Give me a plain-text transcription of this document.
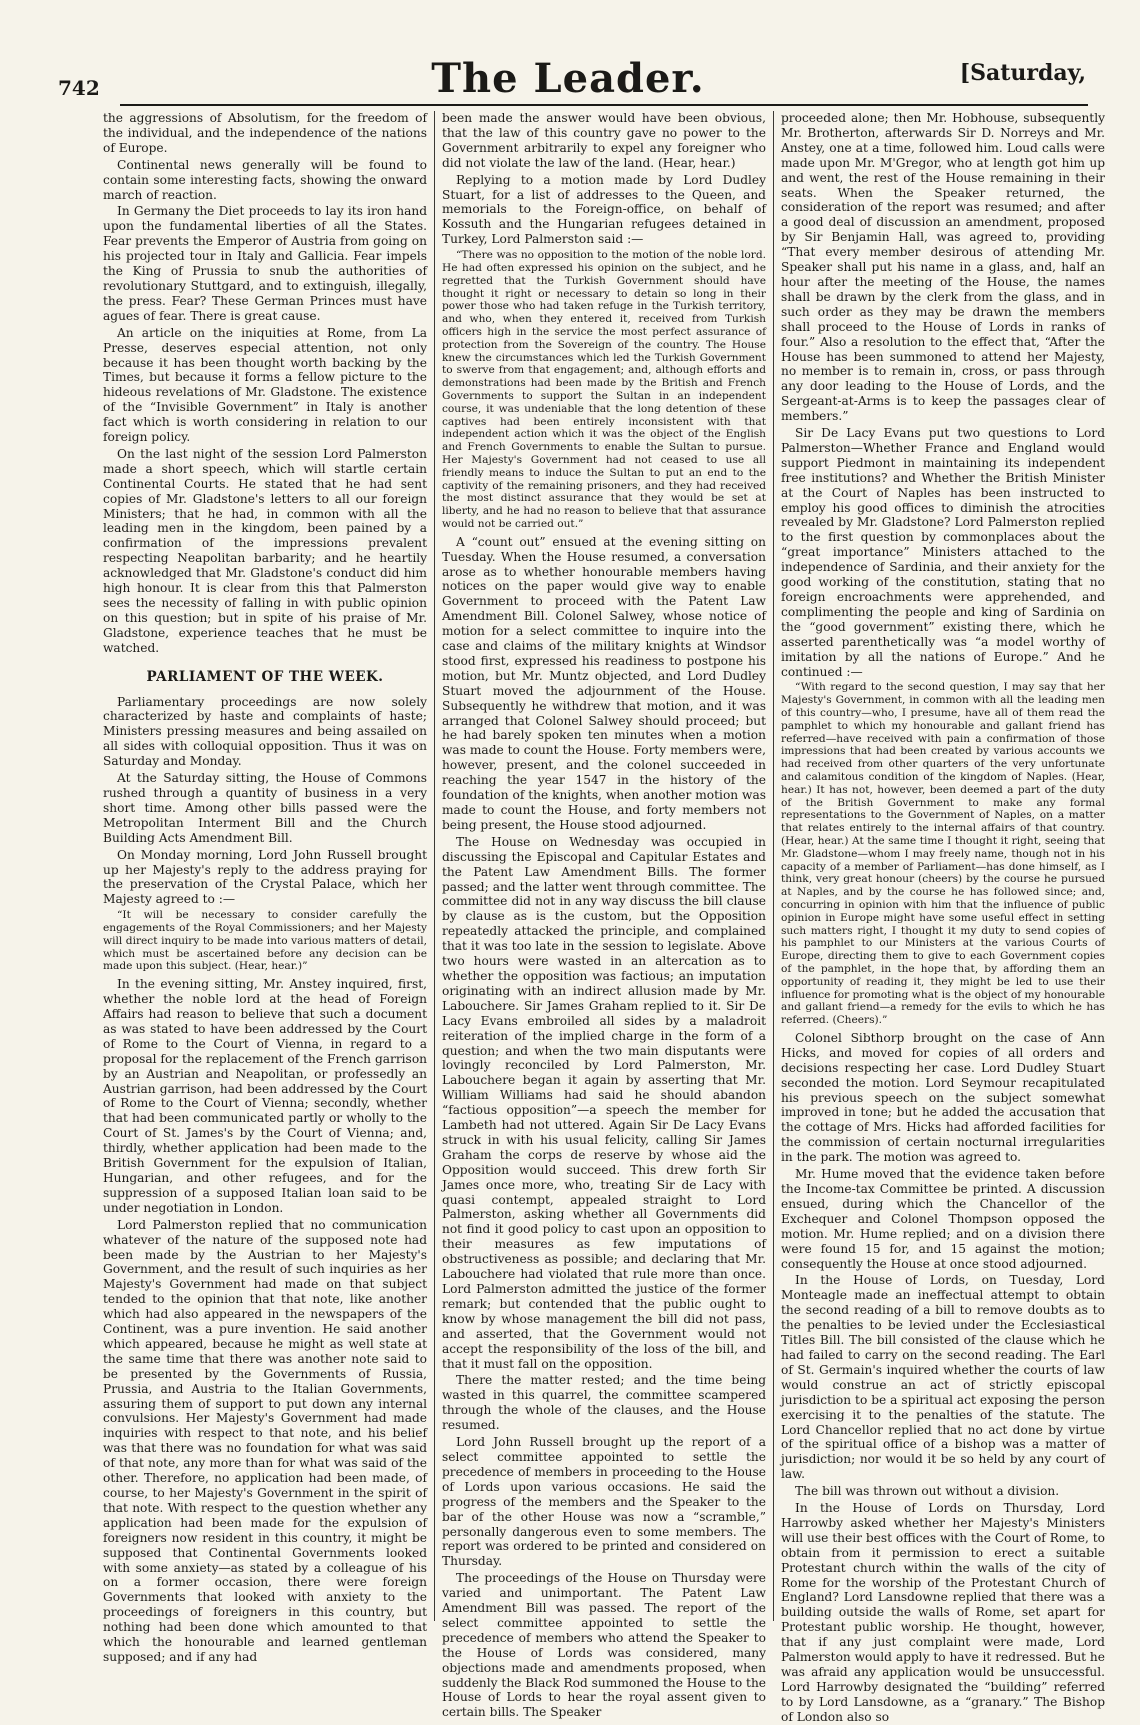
742	The Leader.	[Saturday,

the aggressions of Absolutism, for the freedom of the individual, and the independence of the nations of Europe.

Continental news generally will be found to contain some interesting facts, showing the onward march of reaction.

In Germany the Diet proceeds to lay its iron hand upon the fundamental liberties of all the States. Fear prevents the Emperor of Austria from going on his projected tour in Italy and Gallicia. Fear impels the King of Prussia to snub the authorities of revolutionary Stuttgard, and to extinguish, illegally, the press. Fear? These German Princes must have agues of fear. There is great cause.

An article on the iniquities at Rome, from La Presse, deserves especial attention, not only because it has been thought worth backing by the Times, but because it forms a fellow picture to the hideous revelations of Mr. Gladstone. The existence of the “Invisible Government” in Italy is another fact which is worth considering in relation to our foreign policy.

On the last night of the session Lord Palmerston made a short speech, which will startle certain Continental Courts. He stated that he had sent copies of Mr. Gladstone's letters to all our foreign Ministers; that he had, in common with all the leading men in the kingdom, been pained by a confirmation of the impressions prevalent respecting Neapolitan barbarity; and he heartily acknowledged that Mr. Gladstone's conduct did him high honour. It is clear from this that Palmerston sees the necessity of falling in with public opinion on this question; but in spite of his praise of Mr. Gladstone, experience teaches that he must be watched.

PARLIAMENT OF THE WEEK.

Parliamentary proceedings are now solely characterized by haste and complaints of haste; Ministers pressing measures and being assailed on all sides with colloquial opposition. Thus it was on Saturday and Monday.

At the Saturday sitting, the House of Commons rushed through a quantity of business in a very short time. Among other bills passed were the Metropolitan Interment Bill and the Church Building Acts Amendment Bill.

On Monday morning, Lord John Russell brought up her Majesty's reply to the address praying for the preservation of the Crystal Palace, which her Majesty agreed to :—

“It will be necessary to consider carefully the engagements of the Royal Commissioners; and her Majesty will direct inquiry to be made into various matters of detail, which must be ascertained before any decision can be made upon this subject. (Hear, hear.)”

In the evening sitting, Mr. Anstey inquired, first, whether the noble lord at the head of Foreign Affairs had reason to believe that such a document as was stated to have been addressed by the Court of Rome to the Court of Vienna, in regard to a proposal for the replacement of the French garrison by an Austrian and Neapolitan, or professedly an Austrian garrison, had been addressed by the Court of Rome to the Court of Vienna; secondly, whether that had been communicated partly or wholly to the Court of St. James's by the Court of Vienna; and, thirdly, whether application had been made to the British Government for the expulsion of Italian, Hungarian, and other refugees, and for the suppression of a supposed Italian loan said to be under negotiation in London.

Lord Palmerston replied that no communication whatever of the nature of the supposed note had been made by the Austrian to her Majesty's Government, and the result of such inquiries as her Majesty's Government had made on that subject tended to the opinion that that note, like another which had also appeared in the newspapers of the Continent, was a pure invention. He said another which appeared, because he might as well state at the same time that there was another note said to be presented by the Governments of Russia, Prussia, and Austria to the Italian Governments, assuring them of support to put down any internal convulsions. Her Majesty's Government had made inquiries with respect to that note, and his belief was that there was no foundation for what was said of that note, any more than for what was said of the other. Therefore, no application had been made, of course, to her Majesty's Government in the spirit of that note. With respect to the question whether any application had been made for the expulsion of foreigners now resident in this country, it might be supposed that Continental Governments looked with some anxiety—as stated by a colleague of his on a former occasion, there were foreign Governments that looked with anxiety to the proceedings of foreigners in this country, but nothing had been done which amounted to that which the honourable and learned gentleman supposed; and if any had

been made the answer would have been obvious, that the law of this country gave no power to the Government arbitrarily to expel any foreigner who did not violate the law of the land. (Hear, hear.)

Replying to a motion made by Lord Dudley Stuart, for a list of addresses to the Queen, and memorials to the Foreign-office, on behalf of Kossuth and the Hungarian refugees detained in Turkey, Lord Palmerston said :—

“There was no opposition to the motion of the noble lord. He had often expressed his opinion on the subject, and he regretted that the Turkish Government should have thought it right or necessary to detain so long in their power those who had taken refuge in the Turkish territory, and who, when they entered it, received from Turkish officers high in the service the most perfect assurance of protection from the Sovereign of the country. The House knew the circumstances which led the Turkish Government to swerve from that engagement; and, although efforts and demonstrations had been made by the British and French Governments to support the Sultan in an independent course, it was undeniable that the long detention of these captives had been entirely inconsistent with that independent action which it was the object of the English and French Governments to enable the Sultan to pursue. Her Majesty's Government had not ceased to use all friendly means to induce the Sultan to put an end to the captivity of the remaining prisoners, and they had received the most distinct assurance that they would be set at liberty, and he had no reason to believe that that assurance would not be carried out.”

A “count out” ensued at the evening sitting on Tuesday. When the House resumed, a conversation arose as to whether honourable members having notices on the paper would give way to enable Government to proceed with the Patent Law Amendment Bill. Colonel Salwey, whose notice of motion for a select committee to inquire into the case and claims of the military knights at Windsor stood first, expressed his readiness to postpone his motion, but Mr. Muntz objected, and Lord Dudley Stuart moved the adjournment of the House. Subsequently he withdrew that motion, and it was arranged that Colonel Salwey should proceed; but he had barely spoken ten minutes when a motion was made to count the House. Forty members were, however, present, and the colonel succeeded in reaching the year 1547 in the history of the foundation of the knights, when another motion was made to count the House, and forty members not being present, the House stood adjourned.

The House on Wednesday was occupied in discussing the Episcopal and Capitular Estates and the Patent Law Amendment Bills. The former passed; and the latter went through committee. The committee did not in any way discuss the bill clause by clause as is the custom, but the Opposition repeatedly attacked the principle, and complained that it was too late in the session to legislate. Above two hours were wasted in an altercation as to whether the opposition was factious; an imputation originating with an indirect allusion made by Mr. Labouchere. Sir James Graham replied to it. Sir De Lacy Evans embroiled all sides by a maladroit reiteration of the implied charge in the form of a question; and when the two main disputants were lovingly reconciled by Lord Palmerston, Mr. Labouchere began it again by asserting that Mr. William Williams had said he should abandon “factious opposition”—a speech the member for Lambeth had not uttered. Again Sir De Lacy Evans struck in with his usual felicity, calling Sir James Graham the corps de reserve by whose aid the Opposition would succeed. This drew forth Sir James once more, who, treating Sir de Lacy with quasi contempt, appealed straight to Lord Palmerston, asking whether all Governments did not find it good policy to cast upon an opposition to their measures as few imputations of obstructiveness as possible; and declaring that Mr. Labouchere had violated that rule more than once. Lord Palmerston admitted the justice of the former remark; but contended that the public ought to know by whose management the bill did not pass, and asserted, that the Government would not accept the responsibility of the loss of the bill, and that it must fall on the opposition.

There the matter rested; and the time being wasted in this quarrel, the committee scampered through the whole of the clauses, and the House resumed.

Lord John Russell brought up the report of a select committee appointed to settle the precedence of members in proceeding to the House of Lords upon various occasions. He said the progress of the members and the Speaker to the bar of the other House was now a “scramble,” personally dangerous even to some members. The report was ordered to be printed and considered on Thursday.

The proceedings of the House on Thursday were varied and unimportant. The Patent Law Amendment Bill was passed. The report of the select committee appointed to settle the precedence of members who attend the Speaker to the House of Lords was considered, many objections made and amendments proposed, when suddenly the Black Rod summoned the House to the House of Lords to hear the royal assent given to certain bills. The Speaker

proceeded alone; then Mr. Hobhouse, subsequently Mr. Brotherton, afterwards Sir D. Norreys and Mr. Anstey, one at a time, followed him. Loud calls were made upon Mr. M'Gregor, who at length got him up and went, the rest of the House remaining in their seats. When the Speaker returned, the consideration of the report was resumed; and after a good deal of discussion an amendment, proposed by Sir Benjamin Hall, was agreed to, providing “That every member desirous of attending Mr. Speaker shall put his name in a glass, and, half an hour after the meeting of the House, the names shall be drawn by the clerk from the glass, and in such order as they may be drawn the members shall proceed to the House of Lords in ranks of four.” Also a resolution to the effect that, “After the House has been summoned to attend her Majesty, no member is to remain in, cross, or pass through any door leading to the House of Lords, and the Sergeant-at-Arms is to keep the passages clear of members.”

Sir De Lacy Evans put two questions to Lord Palmerston—Whether France and England would support Piedmont in maintaining its independent free institutions? and Whether the British Minister at the Court of Naples has been instructed to employ his good offices to diminish the atrocities revealed by Mr. Gladstone? Lord Palmerston replied to the first question by commonplaces about the “great importance” Ministers attached to the independence of Sardinia, and their anxiety for the good working of the constitution, stating that no foreign encroachments were apprehended, and complimenting the people and king of Sardinia on the “good government” existing there, which he asserted parenthetically was “a model worthy of imitation by all the nations of Europe.” And he continued :—

“With regard to the second question, I may say that her Majesty's Government, in common with all the leading men of this country—who, I presume, have all of them read the pamphlet to which my honourable and gallant friend has referred—have received with pain a confirmation of those impressions that had been created by various accounts we had received from other quarters of the very unfortunate and calamitous condition of the kingdom of Naples. (Hear, hear.) It has not, however, been deemed a part of the duty of the British Government to make any formal representations to the Government of Naples, on a matter that relates entirely to the internal affairs of that country. (Hear, hear.) At the same time I thought it right, seeing that Mr. Gladstone—whom I may freely name, though not in his capacity of a member of Parliament—has done himself, as I think, very great honour (cheers) by the course he pursued at Naples, and by the course he has followed since; and, concurring in opinion with him that the influence of public opinion in Europe might have some useful effect in setting such matters right, I thought it my duty to send copies of his pamphlet to our Ministers at the various Courts of Europe, directing them to give to each Government copies of the pamphlet, in the hope that, by affording them an opportunity of reading it, they might be led to use their influence for promoting what is the object of my honourable and gallant friend—a remedy for the evils to which he has referred. (Cheers).”

Colonel Sibthorp brought on the case of Ann Hicks, and moved for copies of all orders and decisions respecting her case. Lord Dudley Stuart seconded the motion. Lord Seymour recapitulated his previous speech on the subject somewhat improved in tone; but he added the accusation that the cottage of Mrs. Hicks had afforded facilities for the commission of certain nocturnal irregularities in the park. The motion was agreed to.

Mr. Hume moved that the evidence taken before the Income-tax Committee be printed. A discussion ensued, during which the Chancellor of the Exchequer and Colonel Thompson opposed the motion. Mr. Hume replied; and on a division there were found 15 for, and 15 against the motion; consequently the House at once stood adjourned.

In the House of Lords, on Tuesday, Lord Monteagle made an ineffectual attempt to obtain the second reading of a bill to remove doubts as to the penalties to be levied under the Ecclesiastical Titles Bill. The bill consisted of the clause which he had failed to carry on the second reading. The Earl of St. Germain's inquired whether the courts of law would construe an act of strictly episcopal jurisdiction to be a spiritual act exposing the person exercising it to the penalties of the statute. The Lord Chancellor replied that no act done by virtue of the spiritual office of a bishop was a matter of jurisdiction; nor would it be so held by any court of law.

The bill was thrown out without a division.

In the House of Lords on Thursday, Lord Harrowby asked whether her Majesty's Ministers will use their best offices with the Court of Rome, to obtain from it permission to erect a suitable Protestant church within the walls of the city of Rome for the worship of the Protestant Church of England? Lord Lansdowne replied that there was a building outside the walls of Rome, set apart for Protestant public worship. He thought, however, that if any just complaint were made, Lord Palmerston would apply to have it redressed. But he was afraid any application would be unsuccessful. Lord Harrowby designated the “building” referred to by Lord Lansdowne, as a “granary.” The Bishop of London also so
